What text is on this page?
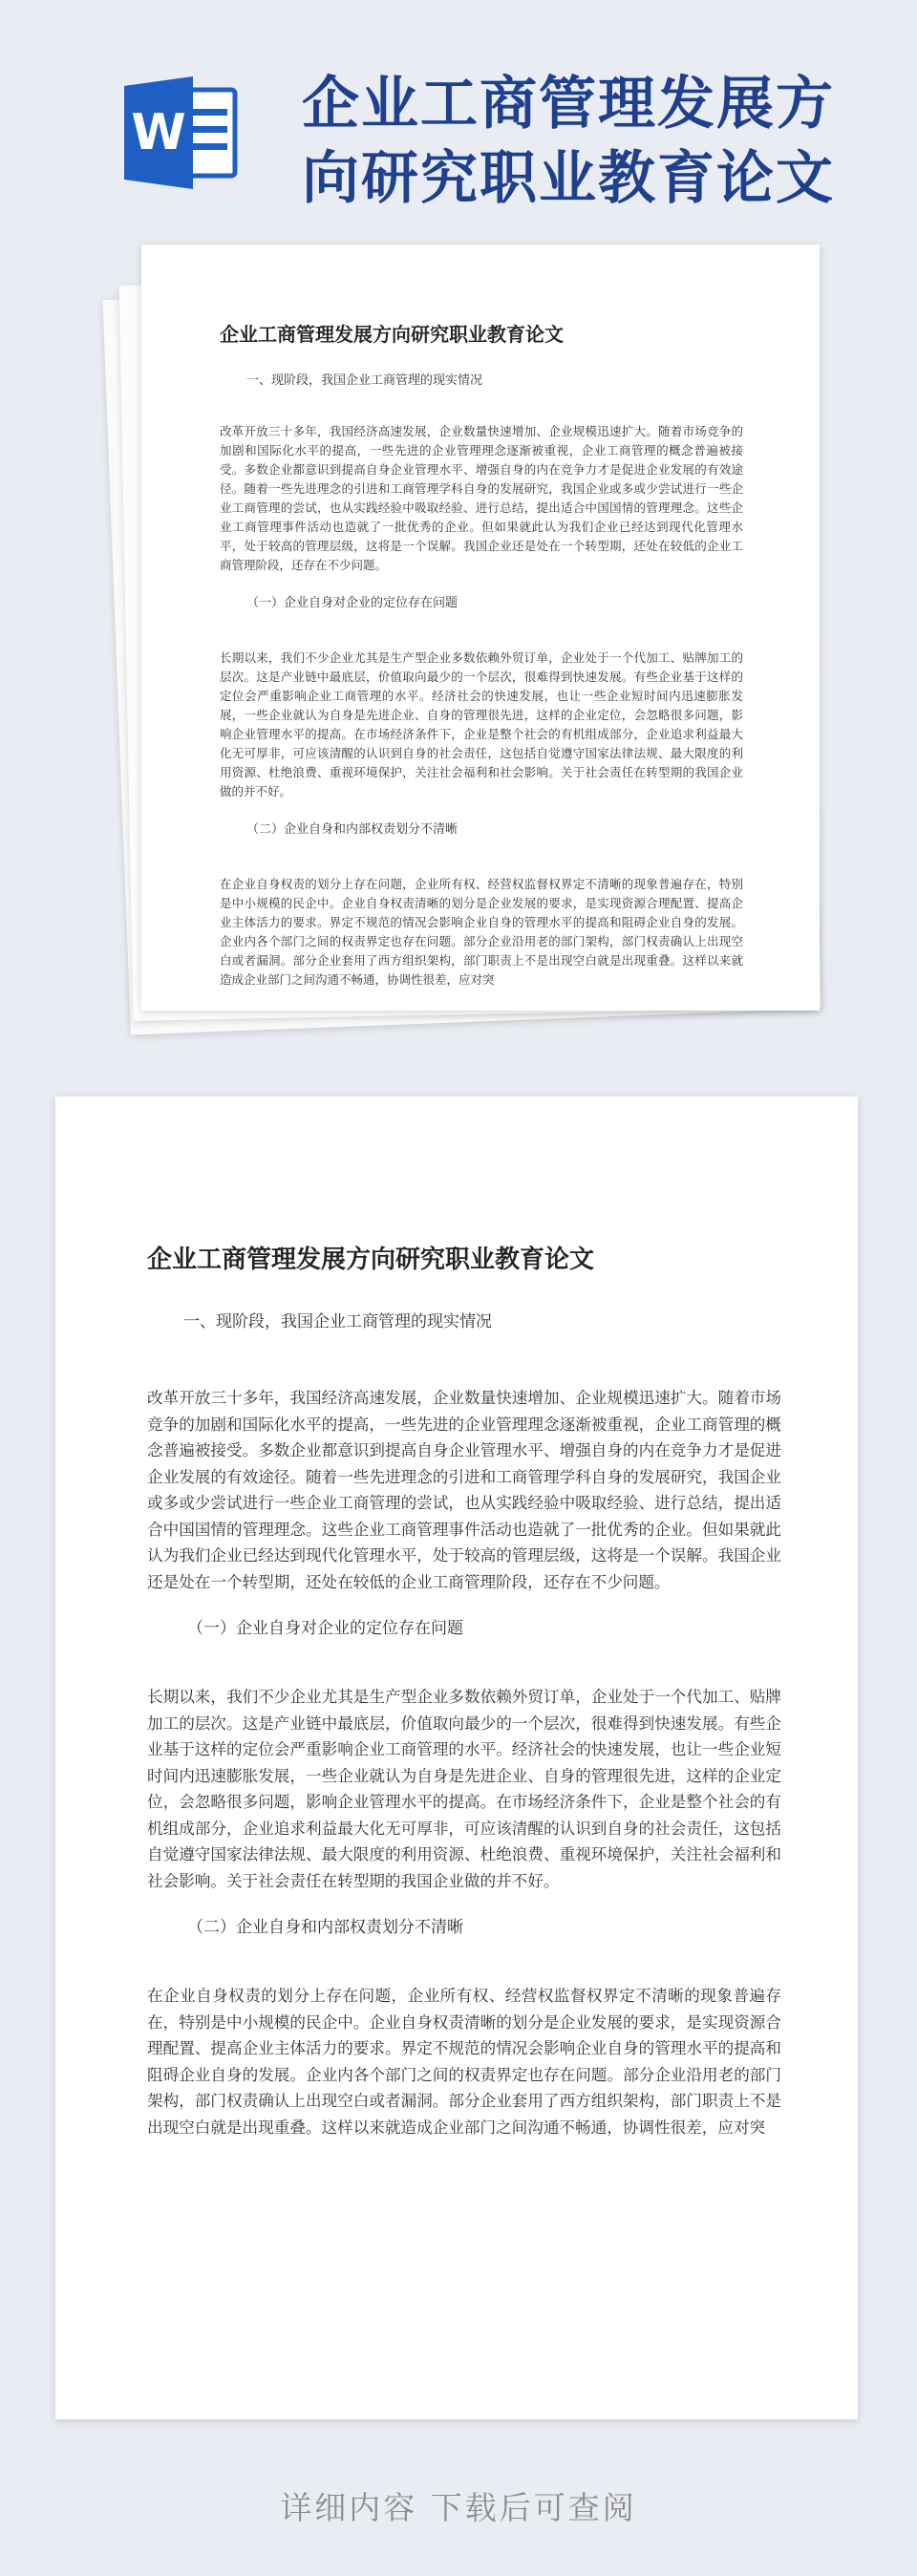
W 企业工商管理发展方向研究职业教育论文
企业工商管理发展方向研究职业教育论文
一、现阶段，我国企业工商管理的现实情况
改革开放三十多年，我国经济高速发展，企业数量快速增加、企业规模迅速扩大。随着市场竞争的加剧和国际化水平的提高，一些先进的企业管理理念逐渐被重视，企业工商管理的概念普遍被接受。多数企业都意识到提高自身企业管理水平、增强自身的内在竞争力才是促进企业发展的有效途径。随着一些先进理念的引进和工商管理学科自身的发展研究，我国企业或多或少尝试进行一些企业工商管理的尝试，也从实践经验中吸取经验、进行总结，提出适合中国国情的管理理念。这些企业工商管理事件活动也造就了一批优秀的企业。但如果就此认为我们企业已经达到现代化管理水平，处于较高的管理层级，这将是一个误解。我国企业还是处在一个转型期，还处在较低的企业工商管理阶段，还存在不少问题。
（一）企业自身对企业的定位存在问题
长期以来，我们不少企业尤其是生产型企业多数依赖外贸订单，企业处于一个代加工、贴牌加工的层次。这是产业链中最底层，价值取向最少的一个层次，很难得到快速发展。有些企业基于这样的定位会严重影响企业工商管理的水平。经济社会的快速发展，也让一些企业短时间内迅速膨胀发展，一些企业就认为自身是先进企业、自身的管理很先进，这样的企业定位，会忽略很多问题，影响企业管理水平的提高。在市场经济条件下，企业是整个社会的有机组成部分，企业追求利益最大化无可厚非，可应该清醒的认识到自身的社会责任，这包括自觉遵守国家法律法规、最大限度的利用资源、杜绝浪费、重视环境保护，关注社会福利和社会影响。关于社会责任在转型期的我国企业做的并不好。
（二）企业自身和内部权责划分不清晰
在企业自身权责的划分上存在问题，企业所有权、经营权监督权界定不清晰的现象普遍存在，特别是中小规模的民企中。企业自身权责清晰的划分是企业发展的要求，是实现资源合理配置、提高企业主体活力的要求。界定不规范的情况会影响企业自身的管理水平的提高和阻碍企业自身的发展。企业内各个部门之间的权责界定也存在问题。部分企业沿用老的部门架构，部门权责确认上出现空白或者漏洞。部分企业套用了西方组织架构，部门职责上不是出现空白就是出现重叠。这样以来就造成企业部门之间沟通不畅通，协调性很差，应对突
企业工商管理发展方向研究职业教育论文
一、现阶段，我国企业工商管理的现实情况
改革开放三十多年，我国经济高速发展，企业数量快速增加、企业规模迅速扩大。随着市场竞争的加剧和国际化水平的提高，一些先进的企业管理理念逐渐被重视，企业工商管理的概念普遍被接受。多数企业都意识到提高自身企业管理水平、增强自身的内在竞争力才是促进企业发展的有效途径。随着一些先进理念的引进和工商管理学科自身的发展研究，我国企业或多或少尝试进行一些企业工商管理的尝试，也从实践经验中吸取经验、进行总结，提出适合中国国情的管理理念。这些企业工商管理事件活动也造就了一批优秀的企业。但如果就此认为我们企业已经达到现代化管理水平，处于较高的管理层级，这将是一个误解。我国企业还是处在一个转型期，还处在较低的企业工商管理阶段，还存在不少问题。
（一）企业自身对企业的定位存在问题
长期以来，我们不少企业尤其是生产型企业多数依赖外贸订单，企业处于一个代加工、贴牌加工的层次。这是产业链中最底层，价值取向最少的一个层次，很难得到快速发展。有些企业基于这样的定位会严重影响企业工商管理的水平。经济社会的快速发展，也让一些企业短时间内迅速膨胀发展，一些企业就认为自身是先进企业、自身的管理很先进，这样的企业定位，会忽略很多问题，影响企业管理水平的提高。在市场经济条件下，企业是整个社会的有机组成部分，企业追求利益最大化无可厚非，可应该清醒的认识到自身的社会责任，这包括自觉遵守国家法律法规、最大限度的利用资源、杜绝浪费、重视环境保护，关注社会福利和社会影响。关于社会责任在转型期的我国企业做的并不好。
（二）企业自身和内部权责划分不清晰
在企业自身权责的划分上存在问题，企业所有权、经营权监督权界定不清晰的现象普遍存在，特别是中小规模的民企中。企业自身权责清晰的划分是企业发展的要求，是实现资源合理配置、提高企业主体活力的要求。界定不规范的情况会影响企业自身的管理水平的提高和阻碍企业自身的发展。企业内各个部门之间的权责界定也存在问题。部分企业沿用老的部门架构，部门权责确认上出现空白或者漏洞。部分企业套用了西方组织架构，部门职责上不是出现空白就是出现重叠。这样以来就造成企业部门之间沟通不畅通，协调性很差，应对突
详细内容 下载后可查阅
